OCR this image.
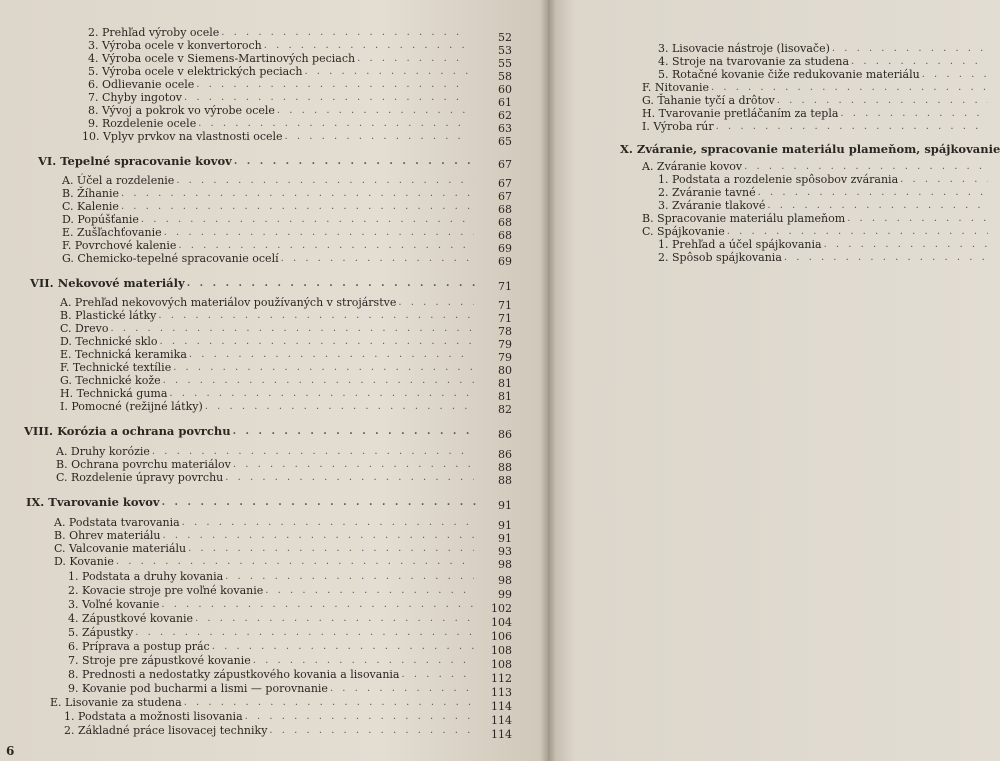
2. Prehľad výroby ocele
. . .
3. Výroba ocele v konvertoroch
. . .
4. Výroba ocele v Siemens-Martinových peciach
. . .
5. Výroba ocele v elektrických peciach
. . .
6. Odlievanie ocele
. . .
7. Chyby ingotov
. . .
8. Vývoj a pokrok vo výrobe ocele
. . .
9. Rozdelenie ocele
. . .
10. Vplyv prvkov na vlastnosti ocele
. . .
VI. Tepelné spracovanie kovov
. . .
A. Účel a rozdelenie
. . .
B. Žíhanie
. . .
C. Kalenie
. . .
D. Popúšťanie
. . .
E. Zušľachťovanie
. . .
F. Povrchové kalenie
. . .
G. Chemicko-tepelné spracovanie ocelí
. . .
VII. Nekovové materiály
. . .
A. Prehľad nekovových materiálov používaných v strojárstve
. . .
B. Plastické látky
. . .
C. Drevo
. . .
D. Technické sklo
. . .
E. Technická keramika
. . .
F. Technické textílie
. . .
G. Technické kože
. . .
H. Technická guma
. . .
I. Pomocné (režijné látky)
. . .
VIII. Korózia a ochrana povrchu
. . .
A. Druhy korózie
. . .
B. Ochrana povrchu materiálov
. . .
C. Rozdelenie úpravy povrchu
. . .
IX. Tvarovanie kovov
. . .
A. Podstata tvarovania
. . .
B. Ohrev materiálu
. . .
C. Valcovanie materiálu
. . .
D. Kovanie
. . .
1. Podstata a druhy kovania
. . .
2. Kovacie stroje pre voľné kovanie
. . .
3. Voľné kovanie
. . .
4. Zápustkové kovanie
. . .
5. Zápustky
. . .
6. Príprava a postup prác
. . .
7. Stroje pre zápustkové kovanie
. . .
8. Prednosti a nedostatky zápustkového kovania a lisovania
. . .
9. Kovanie pod bucharmi a lismi — porovnanie
. . .
E. Lisovanie za studena
. . .
1. Podstata a možnosti lisovania
. . .
2. Základné práce lisovacej techniky
. . .
52
53
55
58
60
61
62
63
65
67
67
67
68
68
68
69
69
71
71
71
78
79
79
80
81
81
82
86
86
88
88
91
91
91
93
98
98
99
102
104
106
108
108
112
113
114
114
114
6
3. Lisovacie nástroje (lisovače)
. . .
4. Stroje na tvarovanie za studena
. . .
5. Rotačné kovanie čiže redukovanie materiálu
. . .
F. Nitovanie
. . .
G. Ťahanie tyčí a drôtov
. . .
H. Tvarovanie pretláčaním za tepla
. . .
I. Výroba rúr
. . .
X. Zváranie, spracovanie materiálu plameňom, spájkovanie
A. Zváranie kovov
. . .
1. Podstata a rozdelenie spôsobov zvárania
. . .
2. Zváranie tavné
. . .
3. Zváranie tlakové
. . .
B. Spracovanie materiálu plameňom
. . .
C. Spájkovanie
. . .
1. Prehľad a účel spájkovania
. . .
2. Spôsob spájkovania
. . .
